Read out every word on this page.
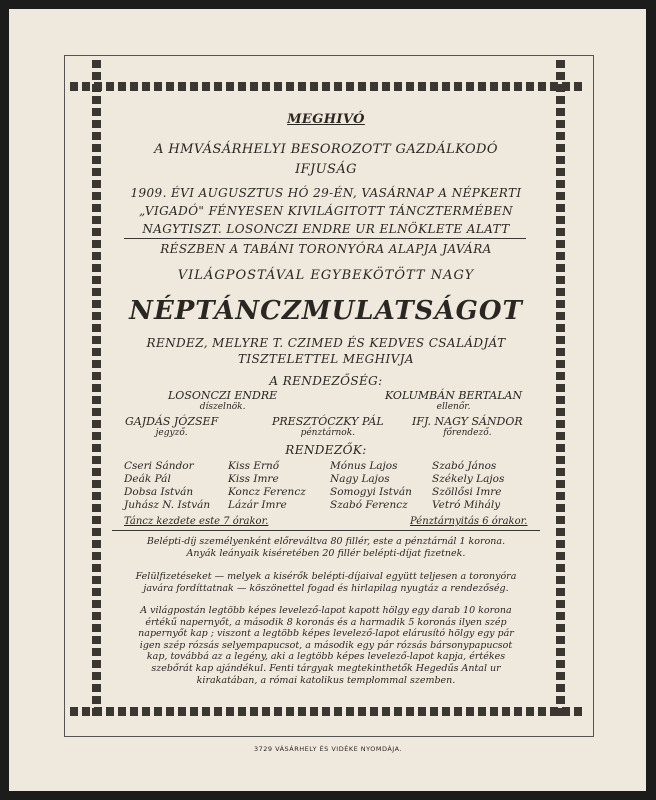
MEGHIVÓ
A HMVÁSÁRHELYI BESOROZOTT GAZDÁLKODÓ
IFJUSÁG
1909. ÉVI AUGUSZTUS HÓ 29-ÉN, VASÁRNAP A NÉPKERTI
„VIGADÓ" FÉNYESEN KIVILÁGITOTT TÁNCZTERMÉBEN
NAGYTISZT. LOSONCZI ENDRE UR ELNÖKLETE ALATT
RÉSZBEN A TABÁNI TORONYÓRA ALAPJA JAVÁRA
VILÁGPOSTÁVAL EGYBEKÖTÖTT NAGY
NÉPTÁNCZMULATSÁGOT
RENDEZ, MELYRE T. CZIMED ÉS KEDVES CSALÁDJÁT
TISZTELETTEL MEGHIVJA
A RENDEZŐSÉG:
LOSONCZI ENDRE
díszelnök.
KOLUMBÁN BERTALAN
ellenőr.
GAJDÁS JÓZSEF
jegyző.
PRESZTÓCZKY PÁL
pénztárnok.
IFJ. NAGY SÁNDOR
főrendező.
RENDEZŐK:
Cseri Sándor
Deák Pál
Dobsa István
Juhász N. István
Kiss Ernő
Kiss Imre
Koncz Ferencz
Lázár Imre
Mónus Lajos
Nagy Lajos
Somogyi István
Szabó Ferencz
Szabó János
Székely Lajos
Szöllősi Imre
Vetró Mihály
Táncz kezdete este 7 órakor.	Pénztárnyitás 6 órakor.
Belépti-díj személyenként előreváltva 80 fillér, este a pénztárnál 1 korona.
Anyák leányaik kiséretében 20 fillér belépti-díjat fizetnek.
Felülfizetéseket — melyek a kisérők belépti-díjaival együtt teljesen a toronyóra
javára fordíttatnak — köszönettel fogad és hirlapilag nyugtáz a rendezőség.
A világpostán legtöbb képes levelező-lapot kapott hölgy egy darab 10 korona
értékű napernyőt, a második 8 koronás és a harmadik 5 koronás ilyen szép
napernyőt kap ; viszont a legtöbb képes levelező-lapot elárusító hölgy egy pár
igen szép rózsás selyempapucsot, a második egy pár rózsás bársonypapucsot
kap, továbbá az a legény, aki a legtöbb képes levelező-lapot kapja, értékes
szebőrát kap ajándékul. Fenti tárgyak megtekinthetők Hegedűs Antal ur
kirakatában, a római katolikus templommal szemben.
3729 VÁSÁRHELY ÉS VIDÉKE NYOMDÁJA.
